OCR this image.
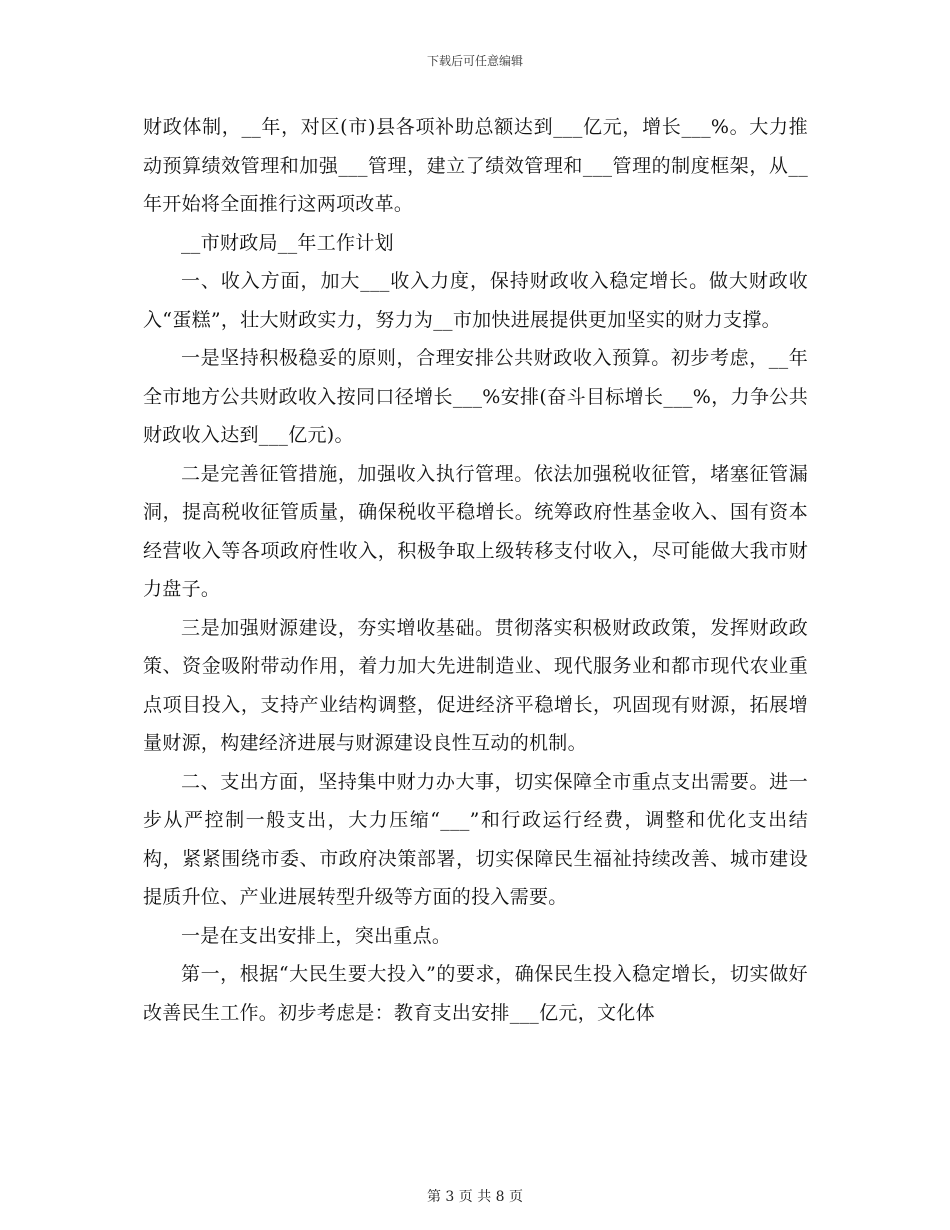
下载后可任意编辑

财政体制，__年，对区(市)县各项补助总额达到___亿元，增长___%。大力推动预算绩效管理和加强___管理，建立了绩效管理和___管理的制度框架，从__年开始将全面推行这两项改革。

__市财政局__年工作计划

一、收入方面，加大___收入力度，保持财政收入稳定增长。做大财政收入“蛋糕”，壮大财政实力，努力为__市加快进展提供更加坚实的财力支撑。

一是坚持积极稳妥的原则，合理安排公共财政收入预算。初步考虑，__年全市地方公共财政收入按同口径增长___%安排(奋斗目标增长___%，力争公共财政收入达到___亿元)。

二是完善征管措施，加强收入执行管理。依法加强税收征管，堵塞征管漏洞，提高税收征管质量，确保税收平稳增长。统筹政府性基金收入、国有资本经营收入等各项政府性收入，积极争取上级转移支付收入，尽可能做大我市财力盘子。

三是加强财源建设，夯实增收基础。贯彻落实积极财政政策，发挥财政政策、资金吸附带动作用，着力加大先进制造业、现代服务业和都市现代农业重点项目投入，支持产业结构调整，促进经济平稳增长，巩固现有财源，拓展增量财源，构建经济进展与财源建设良性互动的机制。

二、支出方面，坚持集中财力办大事，切实保障全市重点支出需要。进一步从严控制一般支出，大力压缩“___”和行政运行经费，调整和优化支出结构，紧紧围绕市委、市政府决策部署，切实保障民生福祉持续改善、城市建设提质升位、产业进展转型升级等方面的投入需要。

一是在支出安排上，突出重点。

第一，根据“大民生要大投入”的要求，确保民生投入稳定增长，切实做好改善民生工作。初步考虑是：教育支出安排___亿元，文化体

第 3 页 共 8 页
